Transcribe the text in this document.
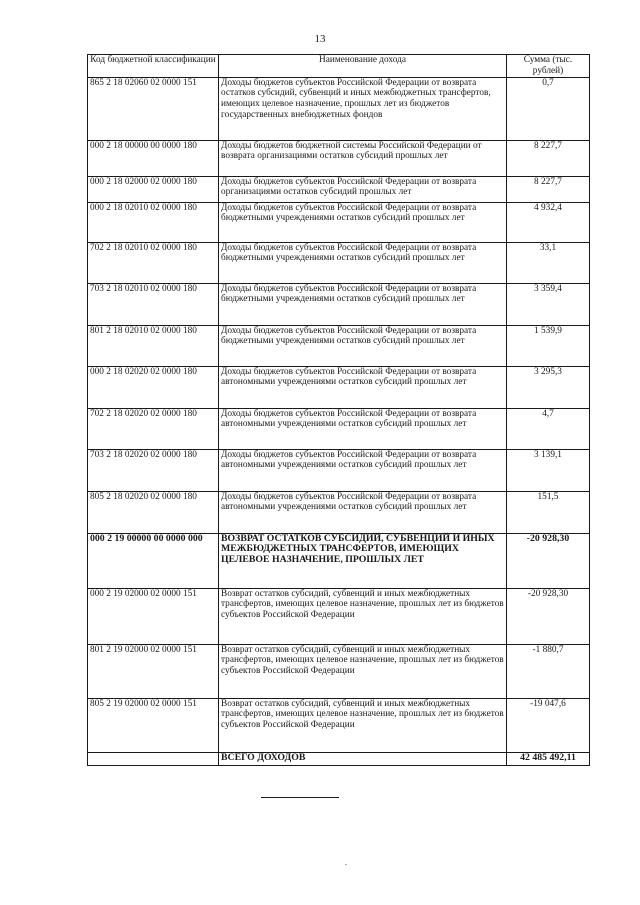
13
Код бюджетной классификации	Наименование дохода	Сумма (тыс. рублей)
865 2 18 02060 02 0000 151	Доходы бюджетов субъектов Российской Федерации от возврата остатков субсидий, субвенций и иных межбюджетных трансфертов, имеющих целевое назначение, прошлых лет из бюджетов государственных внебюджетных фондов	0,7
000 2 18 00000 00 0000 180	Доходы бюджетов бюджетной системы Российской Федерации от возврата организациями остатков субсидий прошлых лет	8 227,7
000 2 18 02000 02 0000 180	Доходы бюджетов субъектов Российской Федерации от возврата организациями остатков субсидий прошлых лет	8 227,7
000 2 18 02010 02 0000 180	Доходы бюджетов субъектов Российской Федерации от возврата бюджетными учреждениями остатков субсидий прошлых лет	4 932,4
702 2 18 02010 02 0000 180	Доходы бюджетов субъектов Российской Федерации от возврата бюджетными учреждениями остатков субсидий прошлых лет	33,1
703 2 18 02010 02 0000 180	Доходы бюджетов субъектов Российской Федерации от возврата бюджетными учреждениями остатков субсидий прошлых лет	3 359,4
801 2 18 02010 02 0000 180	Доходы бюджетов субъектов Российской Федерации от возврата бюджетными учреждениями остатков субсидий прошлых лет	1 539,9
000 2 18 02020 02 0000 180	Доходы бюджетов субъектов Российской Федерации от возврата автономными учреждениями остатков субсидий прошлых лет	3 295,3
702 2 18 02020 02 0000 180	Доходы бюджетов субъектов Российской Федерации от возврата автономными учреждениями остатков субсидий прошлых лет	4,7
703 2 18 02020 02 0000 180	Доходы бюджетов субъектов Российской Федерации от возврата автономными учреждениями остатков субсидий прошлых лет	3 139,1
805 2 18 02020 02 0000 180	Доходы бюджетов субъектов Российской Федерации от возврата автономными учреждениями остатков субсидий прошлых лет	151,5
000 2 19 00000 00 0000 000	ВОЗВРАТ ОСТАТКОВ СУБСИДИЙ, СУБВЕНЦИЙ И ИНЫХ МЕЖБЮДЖЕТНЫХ ТРАНСФЕРТОВ, ИМЕЮЩИХ ЦЕЛЕВОЕ НАЗНАЧЕНИЕ, ПРОШЛЫХ ЛЕТ	-20 928,30
000 2 19 02000 02 0000 151	Возврат остатков субсидий, субвенций и иных межбюджетных трансфертов, имеющих целевое назначение, прошлых лет из бюджетов субъектов Российской Федерации	-20 928,30
801 2 19 02000 02 0000 151	Возврат остатков субсидий, субвенций и иных межбюджетных трансфертов, имеющих целевое назначение, прошлых лет из бюджетов субъектов Российской Федерации	-1 880,7
805 2 19 02000 02 0000 151	Возврат остатков субсидий, субвенций и иных межбюджетных трансфертов, имеющих целевое назначение, прошлых лет из бюджетов субъектов Российской Федерации	-19 047,6
	ВСЕГО ДОХОДОВ	42 485 492,11
.
